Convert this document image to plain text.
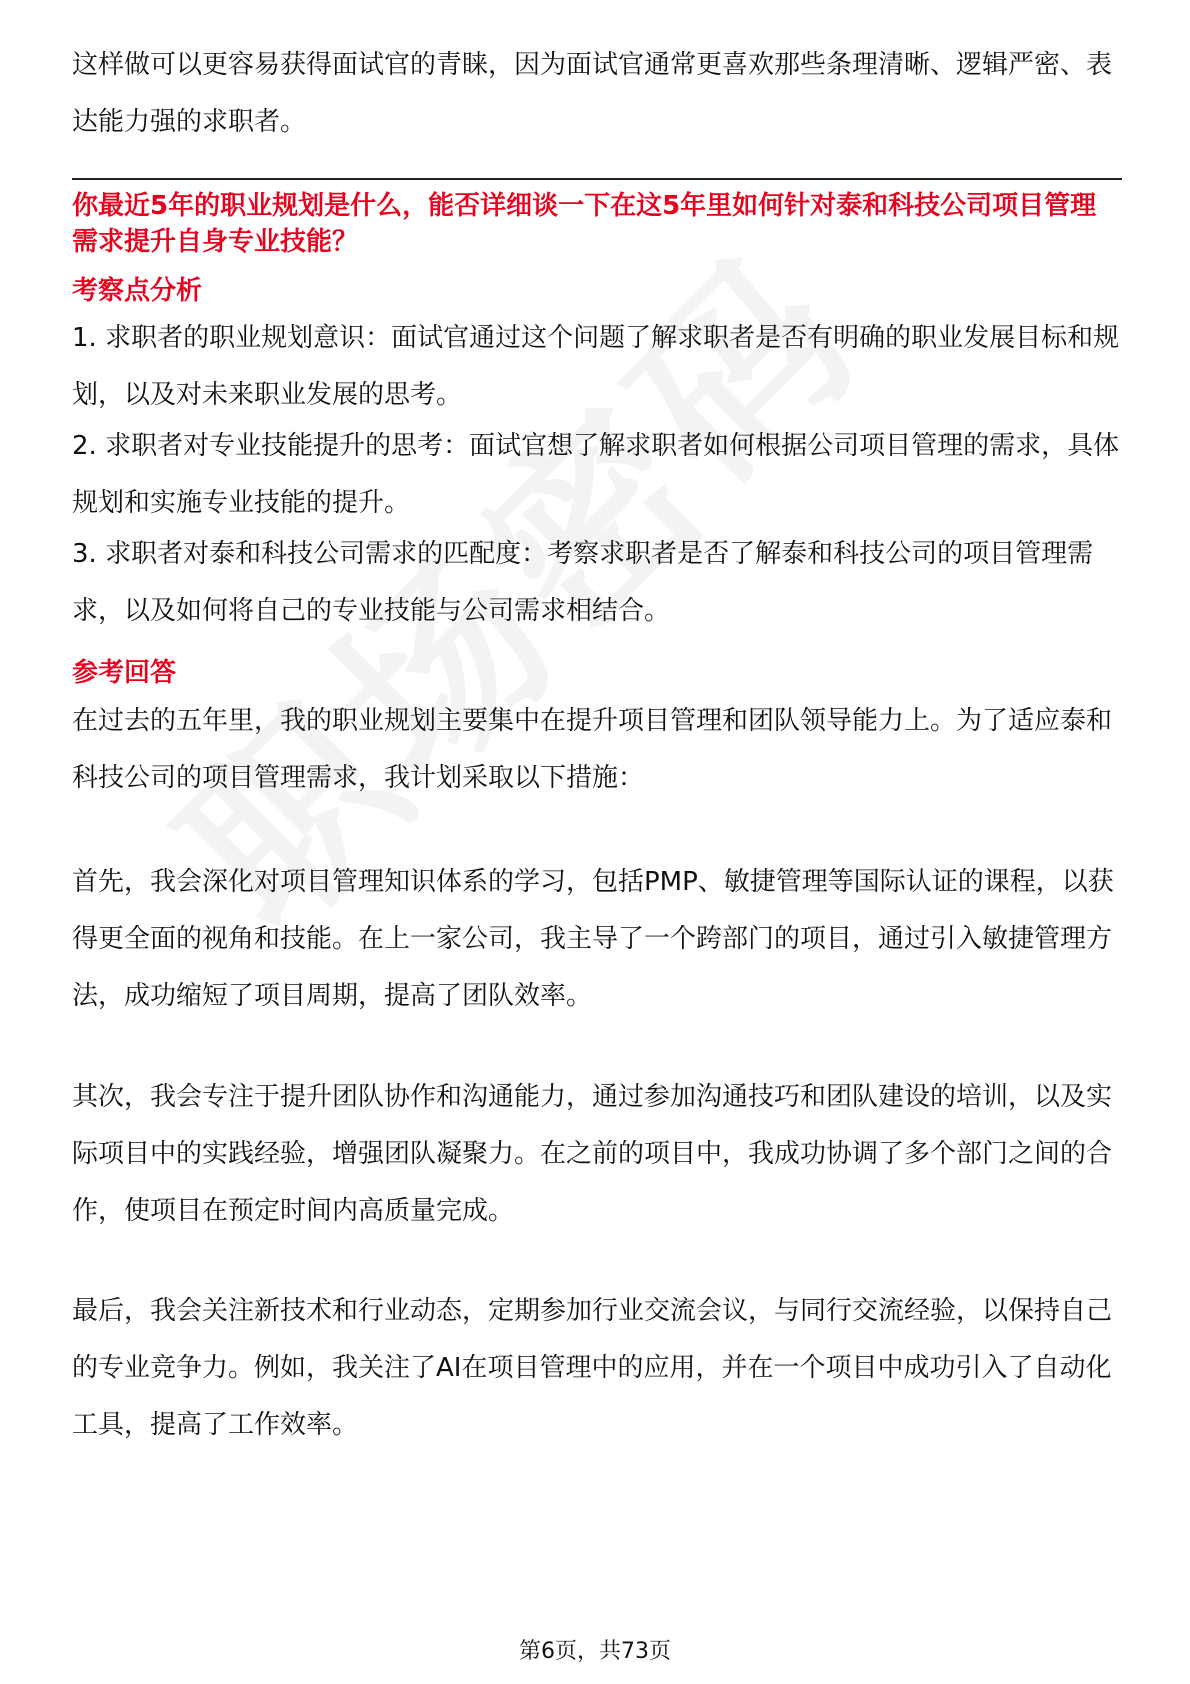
这样做可以更容易获得面试官的青睐，因为面试官通常更喜欢那些条理清晰、逻辑严密、表达能力强的求职者。

你最近5年的职业规划是什么，能否详细谈一下在这5年里如何针对泰和科技公司项目管理需求提升自身专业技能？

考察点分析

1. 求职者的职业规划意识：面试官通过这个问题了解求职者是否有明确的职业发展目标和规划，以及对未来职业发展的思考。

2. 求职者对专业技能提升的思考：面试官想了解求职者如何根据公司项目管理的需求，具体规划和实施专业技能的提升。

3. 求职者对泰和科技公司需求的匹配度：考察求职者是否了解泰和科技公司的项目管理需求，以及如何将自己的专业技能与公司需求相结合。

参考回答

在过去的五年里，我的职业规划主要集中在提升项目管理和团队领导能力上。为了适应泰和科技公司的项目管理需求，我计划采取以下措施：

首先，我会深化对项目管理知识体系的学习，包括PMP、敏捷管理等国际认证的课程，以获得更全面的视角和技能。在上一家公司，我主导了一个跨部门的项目，通过引入敏捷管理方法，成功缩短了项目周期，提高了团队效率。

其次，我会专注于提升团队协作和沟通能力，通过参加沟通技巧和团队建设的培训，以及实际项目中的实践经验，增强团队凝聚力。在之前的项目中，我成功协调了多个部门之间的合作，使项目在预定时间内高质量完成。

最后，我会关注新技术和行业动态，定期参加行业交流会议，与同行交流经验，以保持自己的专业竞争力。例如，我关注了AI在项目管理中的应用，并在一个项目中成功引入了自动化工具，提高了工作效率。

第6页，共73页
